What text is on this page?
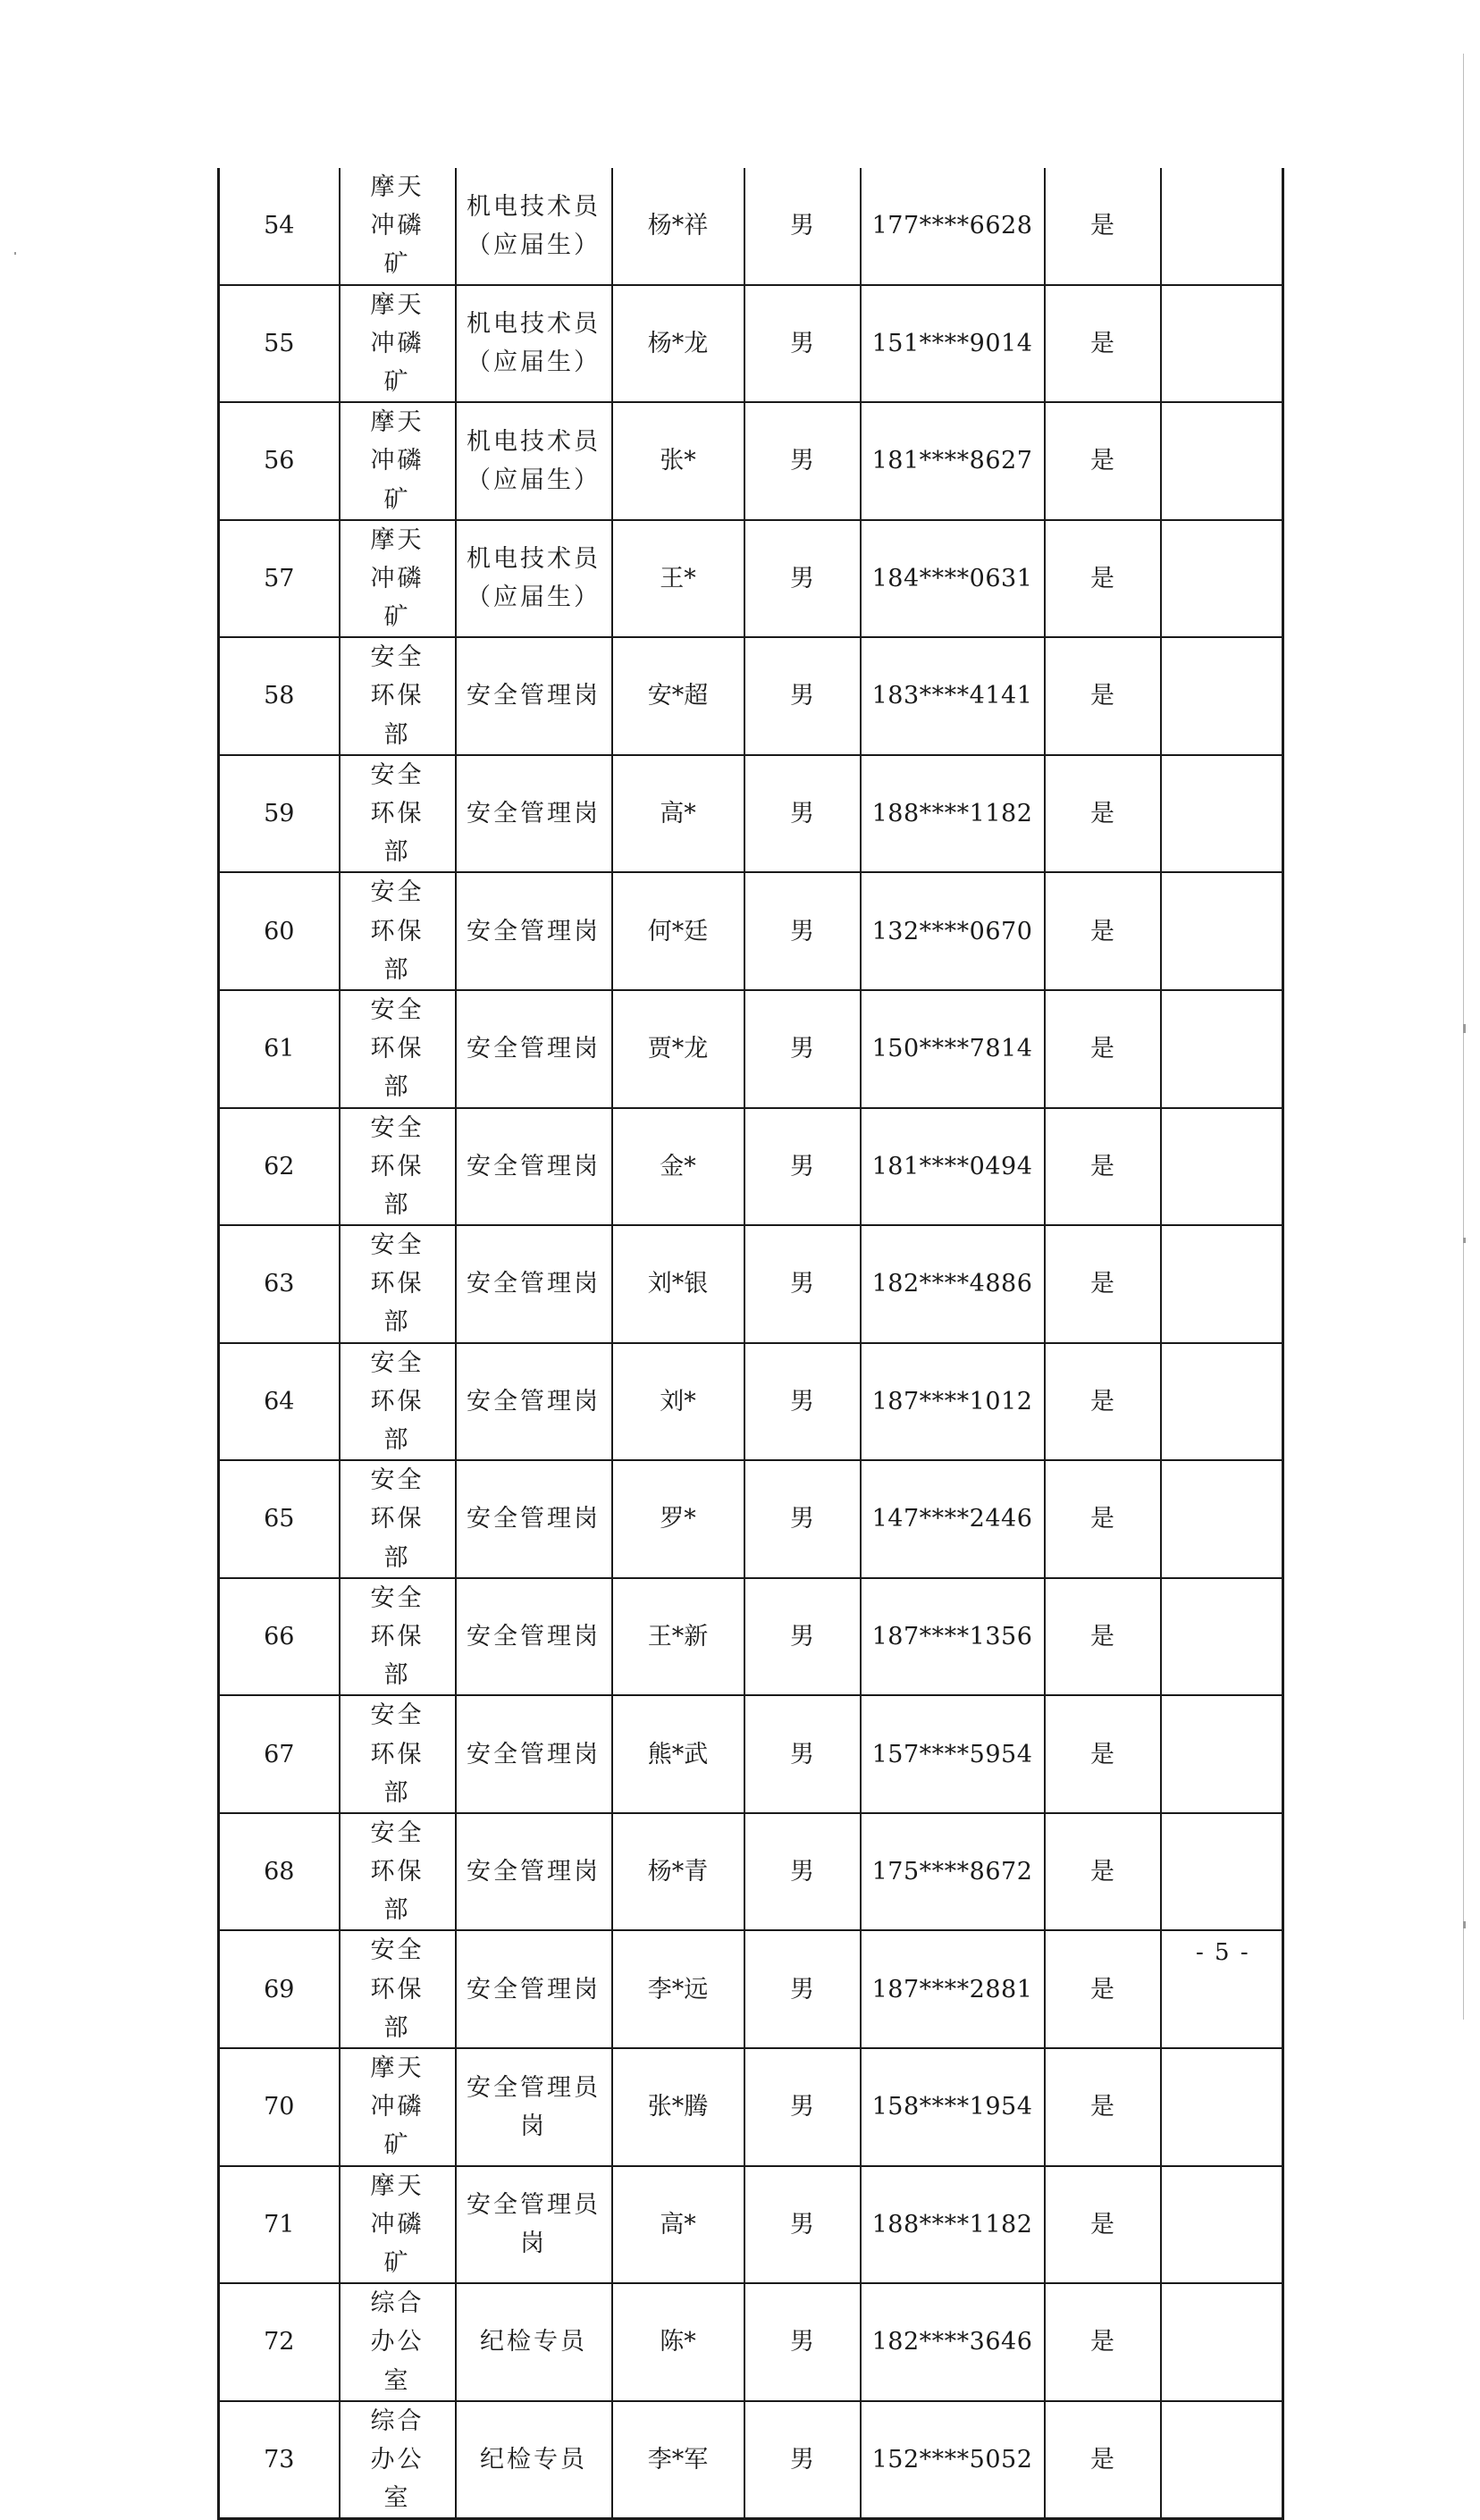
54	摩天冲磷矿	机电技术员（应届生）	杨*祥	男	177****6628	是	
55	摩天冲磷矿	机电技术员（应届生）	杨*龙	男	151****9014	是	
56	摩天冲磷矿	机电技术员（应届生）	张*	男	181****8627	是	
57	摩天冲磷矿	机电技术员（应届生）	王*	男	184****0631	是	
58	安全环保部	安全管理岗	安*超	男	183****4141	是	
59	安全环保部	安全管理岗	高*	男	188****1182	是	
60	安全环保部	安全管理岗	何*廷	男	132****0670	是	
61	安全环保部	安全管理岗	贾*龙	男	150****7814	是	
62	安全环保部	安全管理岗	金*	男	181****0494	是	
63	安全环保部	安全管理岗	刘*银	男	182****4886	是	
64	安全环保部	安全管理岗	刘*	男	187****1012	是	
65	安全环保部	安全管理岗	罗*	男	147****2446	是	
66	安全环保部	安全管理岗	王*新	男	187****1356	是	
67	安全环保部	安全管理岗	熊*武	男	157****5954	是	
68	安全环保部	安全管理岗	杨*青	男	175****8672	是	
69	安全环保部	安全管理岗	李*远	男	187****2881	是	
70	摩天冲磷矿	安全管理员岗	张*腾	男	158****1954	是	
71	摩天冲磷矿	安全管理员岗	高*	男	188****1182	是	
72	综合办公室	纪检专员	陈*	男	182****3646	是	
73	综合办公室	纪检专员	李*军	男	152****5052	是	
- 5 -
